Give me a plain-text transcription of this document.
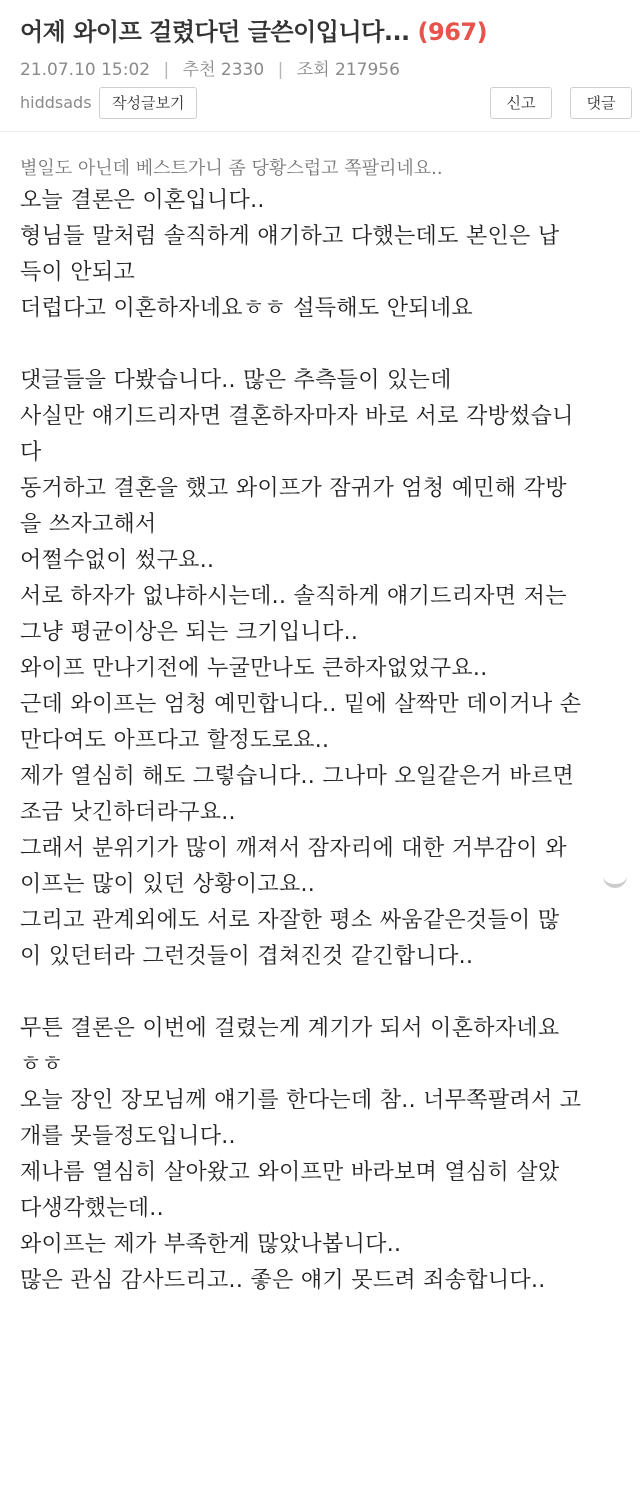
어제 와이프 걸렸다던 글쓴이입니다... (967)
21.07.10 15:02 | 추천 2330 | 조회 217956
hiddsads	작성글보기	신고	댓글
별일도 아닌데 베스트가니 좀 당황스럽고 쪽팔리네요..
오늘 결론은 이혼입니다..
형님들 말처럼 솔직하게 얘기하고 다했는데도 본인은 납
득이 안되고
더럽다고 이혼하자네요ㅎㅎ 설득해도 안되네요
댓글들을 다봤습니다.. 많은 추측들이 있는데
사실만 얘기드리자면 결혼하자마자 바로 서로 각방썼습니
다
동거하고 결혼을 했고 와이프가 잠귀가 엄청 예민해 각방
을 쓰자고해서
어쩔수없이 썼구요..
서로 하자가 없냐하시는데.. 솔직하게 얘기드리자면 저는
그냥 평균이상은 되는 크기입니다..
와이프 만나기전에 누굴만나도 큰하자없었구요..
근데 와이프는 엄청 예민합니다.. 밑에 살짝만 데이거나 손
만다여도 아프다고 할정도로요..
제가 열심히 해도 그렇습니다.. 그나마 오일같은거 바르면
조금 낫긴하더라구요..
그래서 분위기가 많이 깨져서 잠자리에 대한 거부감이 와
이프는 많이 있던 상황이고요..
그리고 관계외에도 서로 자잘한 평소 싸움같은것들이 많
이 있던터라 그런것들이 겹쳐진것 같긴합니다..
무튼 결론은 이번에 걸렸는게 계기가 되서 이혼하자네요
ㅎㅎ
오늘 장인 장모님께 얘기를 한다는데 참.. 너무쪽팔려서 고
개를 못들정도입니다..
제나름 열심히 살아왔고 와이프만 바라보며 열심히 살았
다생각했는데..
와이프는 제가 부족한게 많았나봅니다..
많은 관심 감사드리고.. 좋은 얘기 못드려 죄송합니다..
